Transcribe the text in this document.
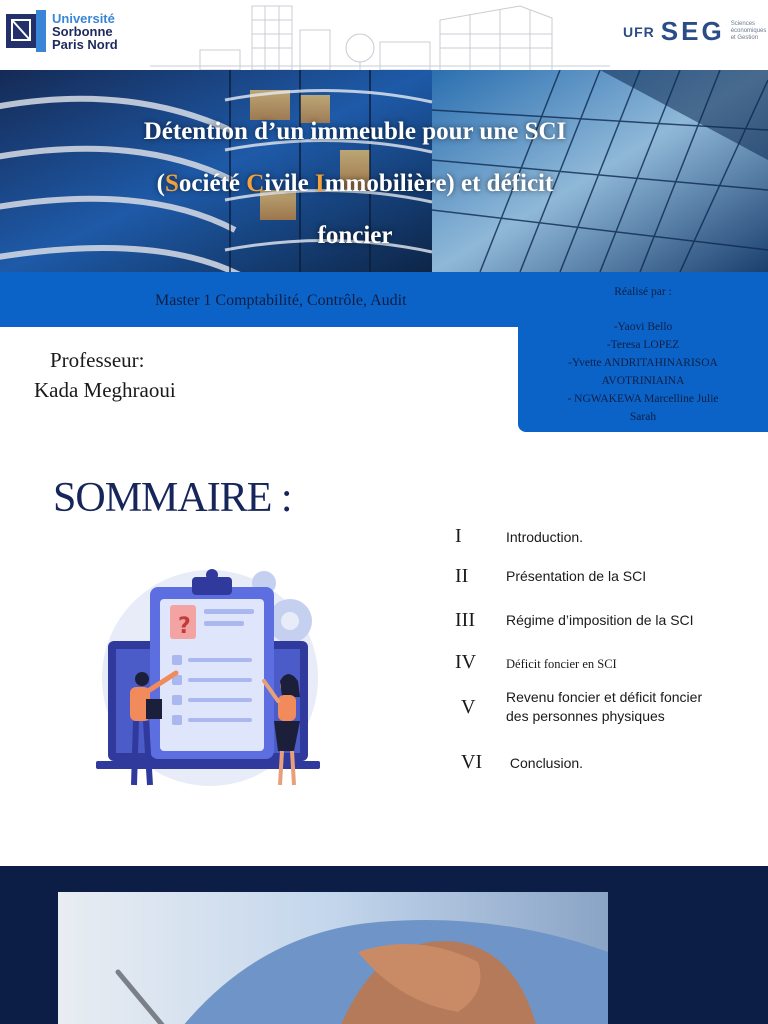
Université
Sorbonne
Paris Nord
UFR SEG Sciences
économiques
et Gestion
Détention d’un immeuble pour une SCI
(Société Civile Immobilière) et déficit
foncier
Master 1 Comptabilité, Contrôle, Audit	Réalisé par :
-Yaovi Bello
-Teresa LOPEZ
-Yvette ANDRITAHINARISOA
AVOTRINIAINA
- NGWAKEWA Marcelline Julie
Sarah
Professeur:
Kada Meghraoui
SOMMAIRE :
I	Introduction.
II	Présentation de la SCI
III Régime d’imposition de la SCI
IV Déficit foncier en SCI
V Revenu foncier et déficit foncier
des personnes physiques
VI Conclusion.
?
